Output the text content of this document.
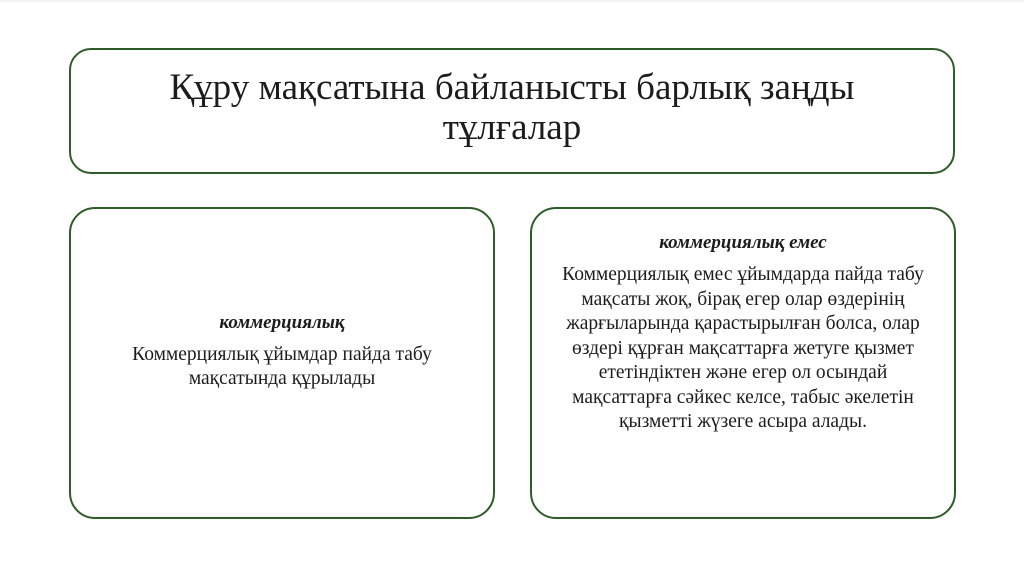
Құру мақсатына байланысты барлық заңды тұлғалар
коммерциялық
Коммерциялық ұйымдар пайда табу мақсатында құрылады
коммерциялық емес
Коммерциялық емес ұйымдарда пайда табу мақсаты жоқ, бірақ егер олар өздерінің жарғыларында қарастырылған болса, олар өздері құрған мақсаттарға жетуге қызмет ететіндіктен және егер ол осындай мақсаттарға сәйкес келсе, табыс әкелетін қызметті жүзеге асыра алады.
